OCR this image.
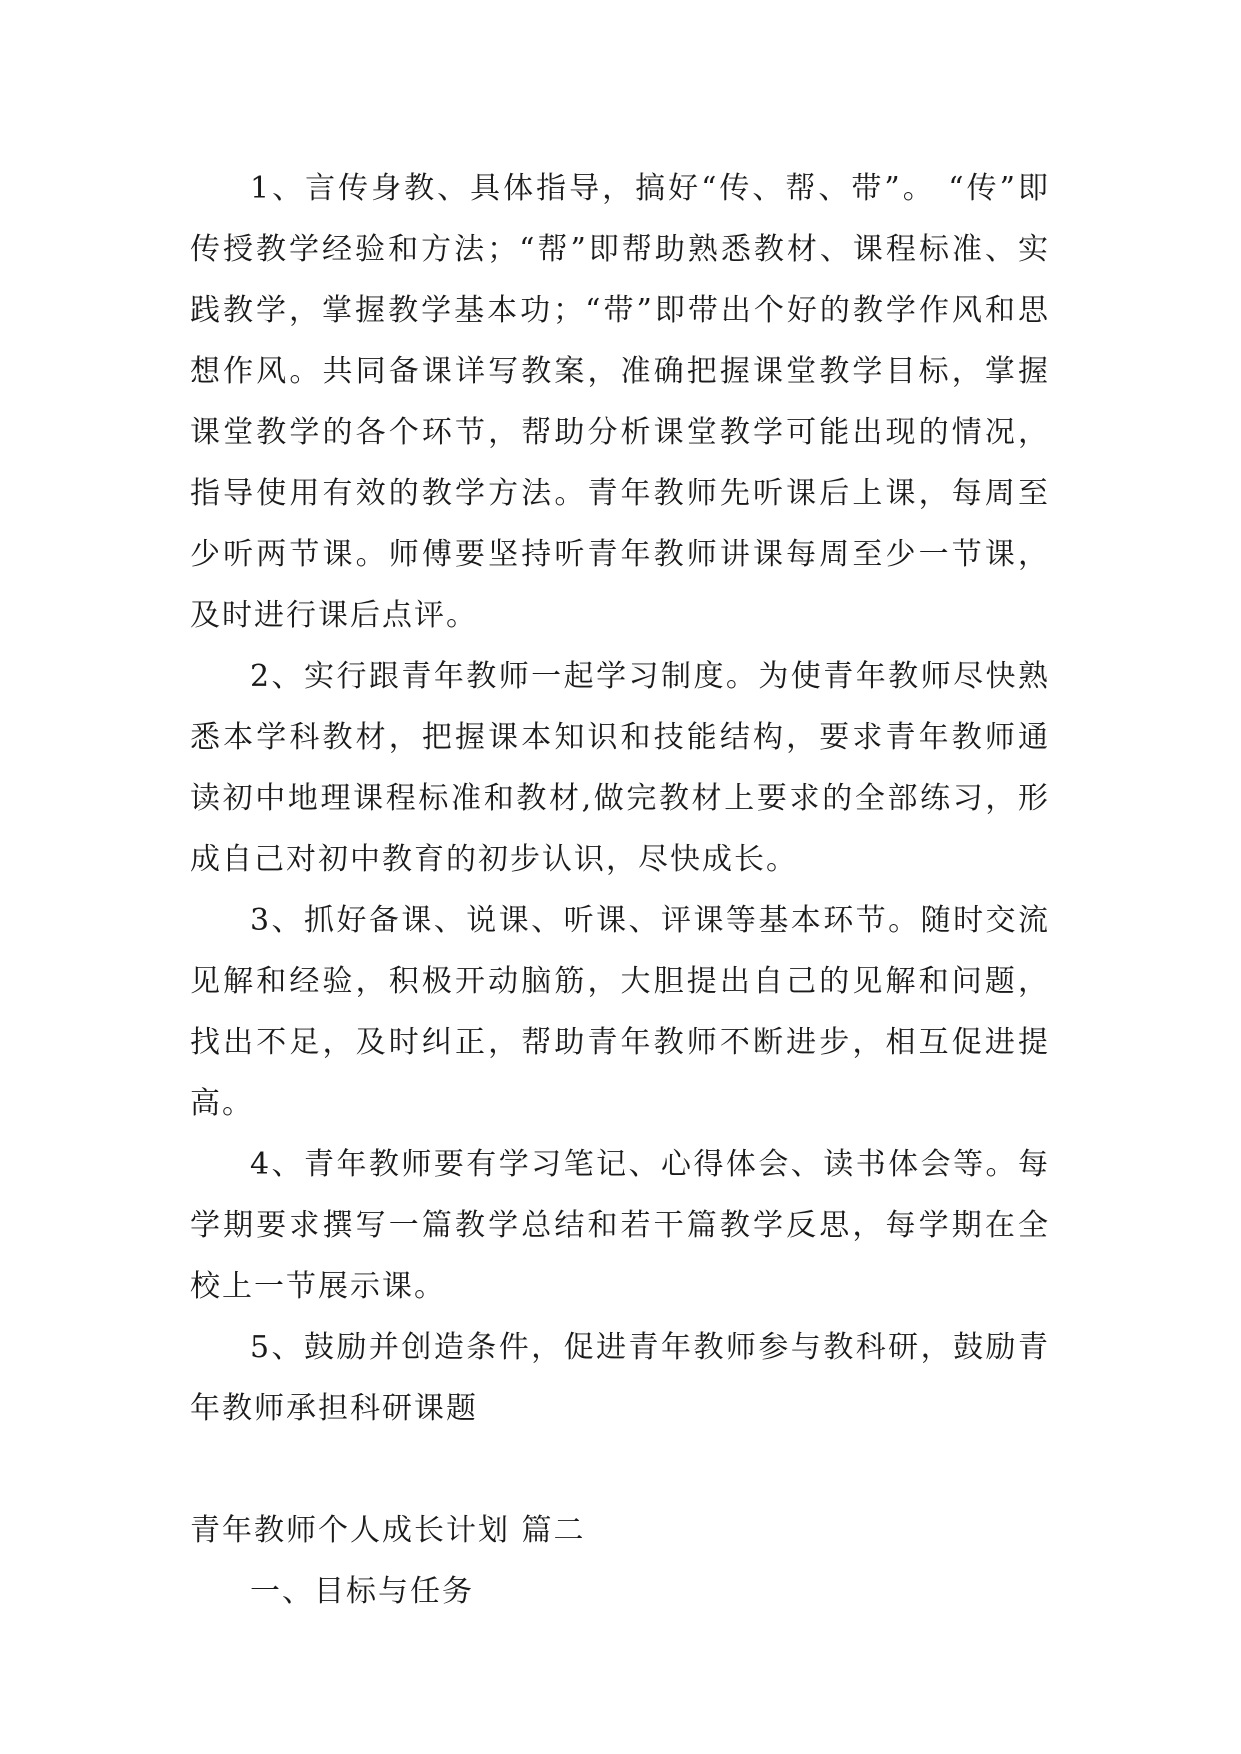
1、言传身教、具体指导，搞好“传、帮、带”。 “传”即传授教学经验和方法；“帮”即帮助熟悉教材、课程标准、实践教学，掌握教学基本功；“带”即带出个好的教学作风和思想作风。共同备课详写教案，准确把握课堂教学目标，掌握课堂教学的各个环节，帮助分析课堂教学可能出现的情况，指导使用有效的教学方法。青年教师先听课后上课，每周至少听两节课。师傅要坚持听青年教师讲课每周至少一节课，及时进行课后点评。

2、实行跟青年教师一起学习制度。为使青年教师尽快熟悉本学科教材，把握课本知识和技能结构，要求青年教师通读初中地理课程标准和教材,做完教材上要求的全部练习，形成自己对初中教育的初步认识，尽快成长。

3、抓好备课、说课、听课、评课等基本环节。随时交流见解和经验，积极开动脑筋，大胆提出自己的见解和问题，找出不足，及时纠正，帮助青年教师不断进步，相互促进提高。

4、青年教师要有学习笔记、心得体会、读书体会等。每学期要求撰写一篇教学总结和若干篇教学反思，每学期在全校上一节展示课。

5、鼓励并创造条件，促进青年教师参与教科研，鼓励青年教师承担科研课题

青年教师个人成长计划 篇二

一、目标与任务
